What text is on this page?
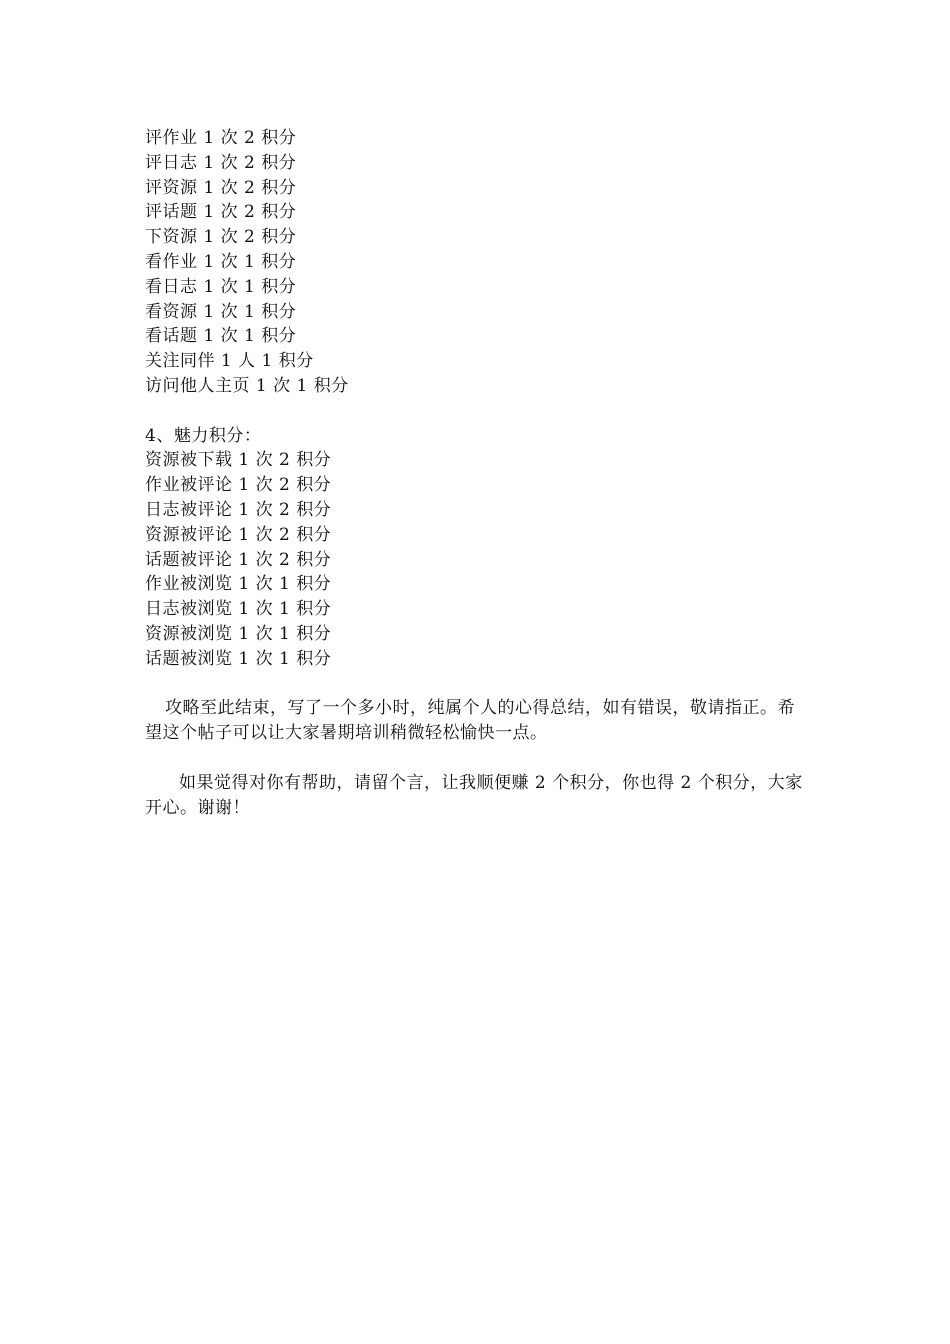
评作业 1 次 2 积分
评日志 1 次 2 积分
评资源 1 次 2 积分
评话题 1 次 2 积分
下资源 1 次 2 积分
看作业 1 次 1 积分
看日志 1 次 1 积分
看资源 1 次 1 积分
看话题 1 次 1 积分
关注同伴 1 人 1 积分
访问他人主页 1 次 1 积分
4、魅力积分：
资源被下载 1 次 2 积分
作业被评论 1 次 2 积分
日志被评论 1 次 2 积分
资源被评论 1 次 2 积分
话题被评论 1 次 2 积分
作业被浏览 1 次 1 积分
日志被浏览 1 次 1 积分
资源被浏览 1 次 1 积分
话题被浏览 1 次 1 积分
攻略至此结束，写了一个多小时，纯属个人的心得总结，如有错误，敬请指正。希望这个帖子可以让大家暑期培训稍微轻松愉快一点。
如果觉得对你有帮助，请留个言，让我顺便赚 2 个积分，你也得 2 个积分，大家开心。谢谢！
